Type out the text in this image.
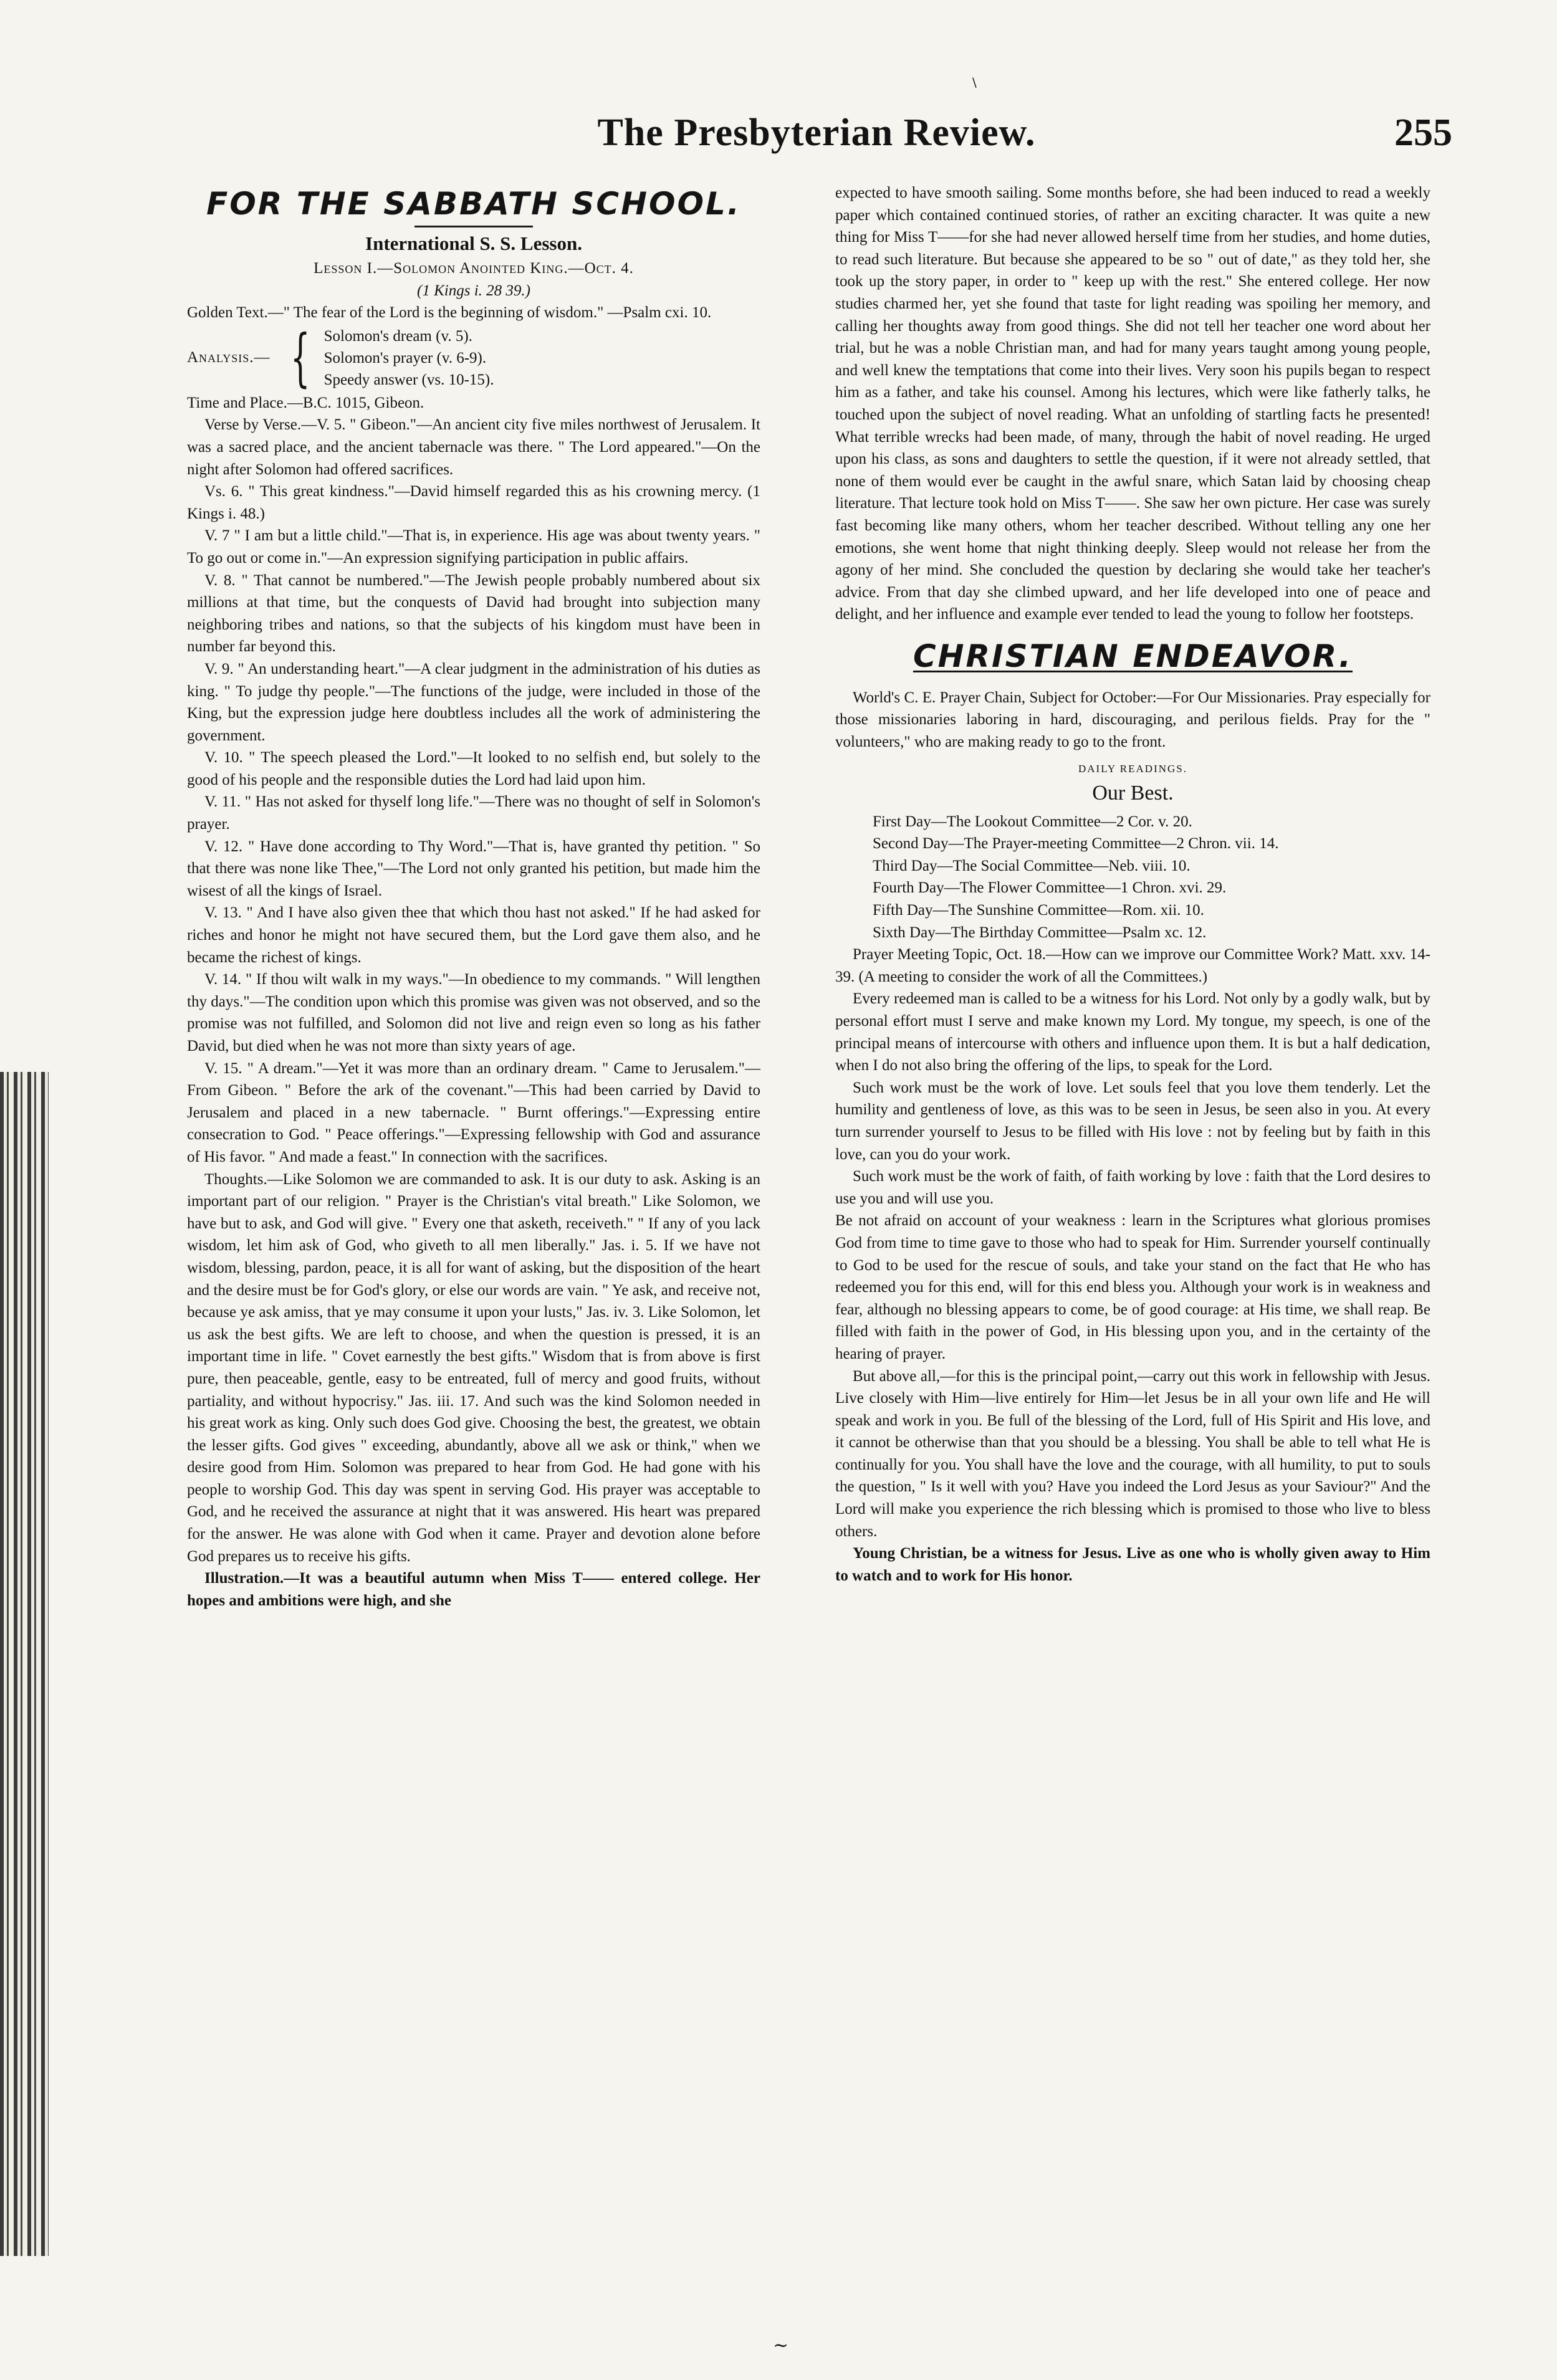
\
The Presbyterian Review.	255
FOR THE SABBATH SCHOOL.
International S. S. Lesson.

Lesson I.—Solomon Anointed King.—Oct. 4.

(1 Kings i. 28 39.)

Golden Text.—" The fear of the Lord is the beginning of wisdom." —Psalm cxi. 10.

Analysis.— { Solomon's dream (v. 5).
Solomon's prayer (v. 6-9).
Speedy answer (vs. 10-15).

Time and Place.—B.C. 1015, Gibeon.

Verse by Verse.—V. 5. " Gibeon."—An ancient city five miles northwest of Jerusalem. It was a sacred place, and the ancient tabernacle was there. " The Lord appeared."—On the night after Solomon had offered sacrifices.

Vs. 6. " This great kindness."—David himself regarded this as his crowning mercy. (1 Kings i. 48.)

V. 7 " I am but a little child."—That is, in experience. His age was about twenty years. " To go out or come in."—An expression signifying participation in public affairs.

V. 8. " That cannot be numbered."—The Jewish people probably numbered about six millions at that time, but the conquests of David had brought into subjection many neighboring tribes and nations, so that the subjects of his kingdom must have been in number far beyond this.

V. 9. " An understanding heart."—A clear judgment in the administration of his duties as king. " To judge thy people."—The functions of the judge, were included in those of the King, but the expression judge here doubtless includes all the work of administering the government.

V. 10. " The speech pleased the Lord."—It looked to no selfish end, but solely to the good of his people and the responsible duties the Lord had laid upon him.

V. 11. " Has not asked for thyself long life."—There was no thought of self in Solomon's prayer.

V. 12. " Have done according to Thy Word."—That is, have granted thy petition. " So that there was none like Thee,"—The Lord not only granted his petition, but made him the wisest of all the kings of Israel.

V. 13. " And I have also given thee that which thou hast not asked." If he had asked for riches and honor he might not have secured them, but the Lord gave them also, and he became the richest of kings.

V. 14. " If thou wilt walk in my ways."—In obedience to my commands. " Will lengthen thy days."—The condition upon which this promise was given was not observed, and so the promise was not fulfilled, and Solomon did not live and reign even so long as his father David, but died when he was not more than sixty years of age.

V. 15. " A dream."—Yet it was more than an ordinary dream. " Came to Jerusalem."—From Gibeon. " Before the ark of the covenant."—This had been carried by David to Jerusalem and placed in a new tabernacle. " Burnt offerings."—Expressing entire consecration to God. " Peace offerings."—Expressing fellowship with God and assurance of His favor. " And made a feast." In connection with the sacrifices.

Thoughts.—Like Solomon we are commanded to ask. It is our duty to ask. Asking is an important part of our religion. " Prayer is the Christian's vital breath." Like Solomon, we have but to ask, and God will give. " Every one that asketh, receiveth." " If any of you lack wisdom, let him ask of God, who giveth to all men liberally." Jas. i. 5. If we have not wisdom, blessing, pardon, peace, it is all for want of asking, but the disposition of the heart and the desire must be for God's glory, or else our words are vain. " Ye ask, and receive not, because ye ask amiss, that ye may consume it upon your lusts," Jas. iv. 3. Like Solomon, let us ask the best gifts. We are left to choose, and when the question is pressed, it is an important time in life. " Covet earnestly the best gifts." Wisdom that is from above is first pure, then peaceable, gentle, easy to be entreated, full of mercy and good fruits, without partiality, and without hypocrisy." Jas. iii. 17. And such was the kind Solomon needed in his great work as king. Only such does God give. Choosing the best, the greatest, we obtain the lesser gifts. God gives " exceeding, abundantly, above all we ask or think," when we desire good from Him. Solomon was prepared to hear from God. He had gone with his people to worship God. This day was spent in serving God. His prayer was acceptable to God, and he received the assurance at night that it was answered. His heart was prepared for the answer. He was alone with God when it came. Prayer and devotion alone before God prepares us to receive his gifts.

Illustration.—It was a beautiful autumn when Miss T—— entered college. Her hopes and ambitions were high, and she

expected to have smooth sailing. Some months before, she had been induced to read a weekly paper which contained continued stories, of rather an exciting character. It was quite a new thing for Miss T——for she had never allowed herself time from her studies, and home duties, to read such literature. But because she appeared to be so " out of date," as they told her, she took up the story paper, in order to " keep up with the rest." She entered college. Her now studies charmed her, yet she found that taste for light reading was spoiling her memory, and calling her thoughts away from good things. She did not tell her teacher one word about her trial, but he was a noble Christian man, and had for many years taught among young people, and well knew the temptations that come into their lives. Very soon his pupils began to respect him as a father, and take his counsel. Among his lectures, which were like fatherly talks, he touched upon the subject of novel reading. What an unfolding of startling facts he presented! What terrible wrecks had been made, of many, through the habit of novel reading. He urged upon his class, as sons and daughters to settle the question, if it were not already settled, that none of them would ever be caught in the awful snare, which Satan laid by choosing cheap literature. That lecture took hold on Miss T——. She saw her own picture. Her case was surely fast becoming like many others, whom her teacher described. Without telling any one her emotions, she went home that night thinking deeply. Sleep would not release her from the agony of her mind. She concluded the question by declaring she would take her teacher's advice. From that day she climbed upward, and her life developed into one of peace and delight, and her influence and example ever tended to lead the young to follow her footsteps.

CHRISTIAN ENDEAVOR.

World's C. E. Prayer Chain, Subject for October:—For Our Missionaries. Pray especially for those missionaries laboring in hard, discouraging, and perilous fields. Pray for the " volunteers," who are making ready to go to the front.

DAILY READINGS.
Our Best.

First Day—The Lookout Committee—2 Cor. v. 20.

Second Day—The Prayer-meeting Committee—2 Chron. vii. 14.

Third Day—The Social Committee—Neb. viii. 10.

Fourth Day—The Flower Committee—1 Chron. xvi. 29.

Fifth Day—The Sunshine Committee—Rom. xii. 10.

Sixth Day—The Birthday Committee—Psalm xc. 12.

Prayer Meeting Topic, Oct. 18.—How can we improve our Committee Work? Matt. xxv. 14-39. (A meeting to consider the work of all the Committees.)

Every redeemed man is called to be a witness for his Lord. Not only by a godly walk, but by personal effort must I serve and make known my Lord. My tongue, my speech, is one of the principal means of intercourse with others and influence upon them. It is but a half dedication, when I do not also bring the offering of the lips, to speak for the Lord.

Such work must be the work of love. Let souls feel that you love them tenderly. Let the humility and gentleness of love, as this was to be seen in Jesus, be seen also in you. At every turn surrender yourself to Jesus to be filled with His love : not by feeling but by faith in this love, can you do your work.

Such work must be the work of faith, of faith working by love : faith that the Lord desires to use you and will use you.

Be not afraid on account of your weakness : learn in the Scriptures what glorious promises God from time to time gave to those who had to speak for Him. Surrender yourself continually to God to be used for the rescue of souls, and take your stand on the fact that He who has redeemed you for this end, will for this end bless you. Although your work is in weakness and fear, although no blessing appears to come, be of good courage: at His time, we shall reap. Be filled with faith in the power of God, in His blessing upon you, and in the certainty of the hearing of prayer.

But above all,—for this is the principal point,—carry out this work in fellowship with Jesus. Live closely with Him—live entirely for Him—let Jesus be in all your own life and He will speak and work in you. Be full of the blessing of the Lord, full of His Spirit and His love, and it cannot be otherwise than that you should be a blessing. You shall be able to tell what He is continually for you. You shall have the love and the courage, with all humility, to put to souls the question, " Is it well with you? Have you indeed the Lord Jesus as your Saviour?" And the Lord will make you experience the rich blessing which is promised to those who live to bless others.

Young Christian, be a witness for Jesus. Live as one who is wholly given away to Him to watch and to work for His honor.

~
